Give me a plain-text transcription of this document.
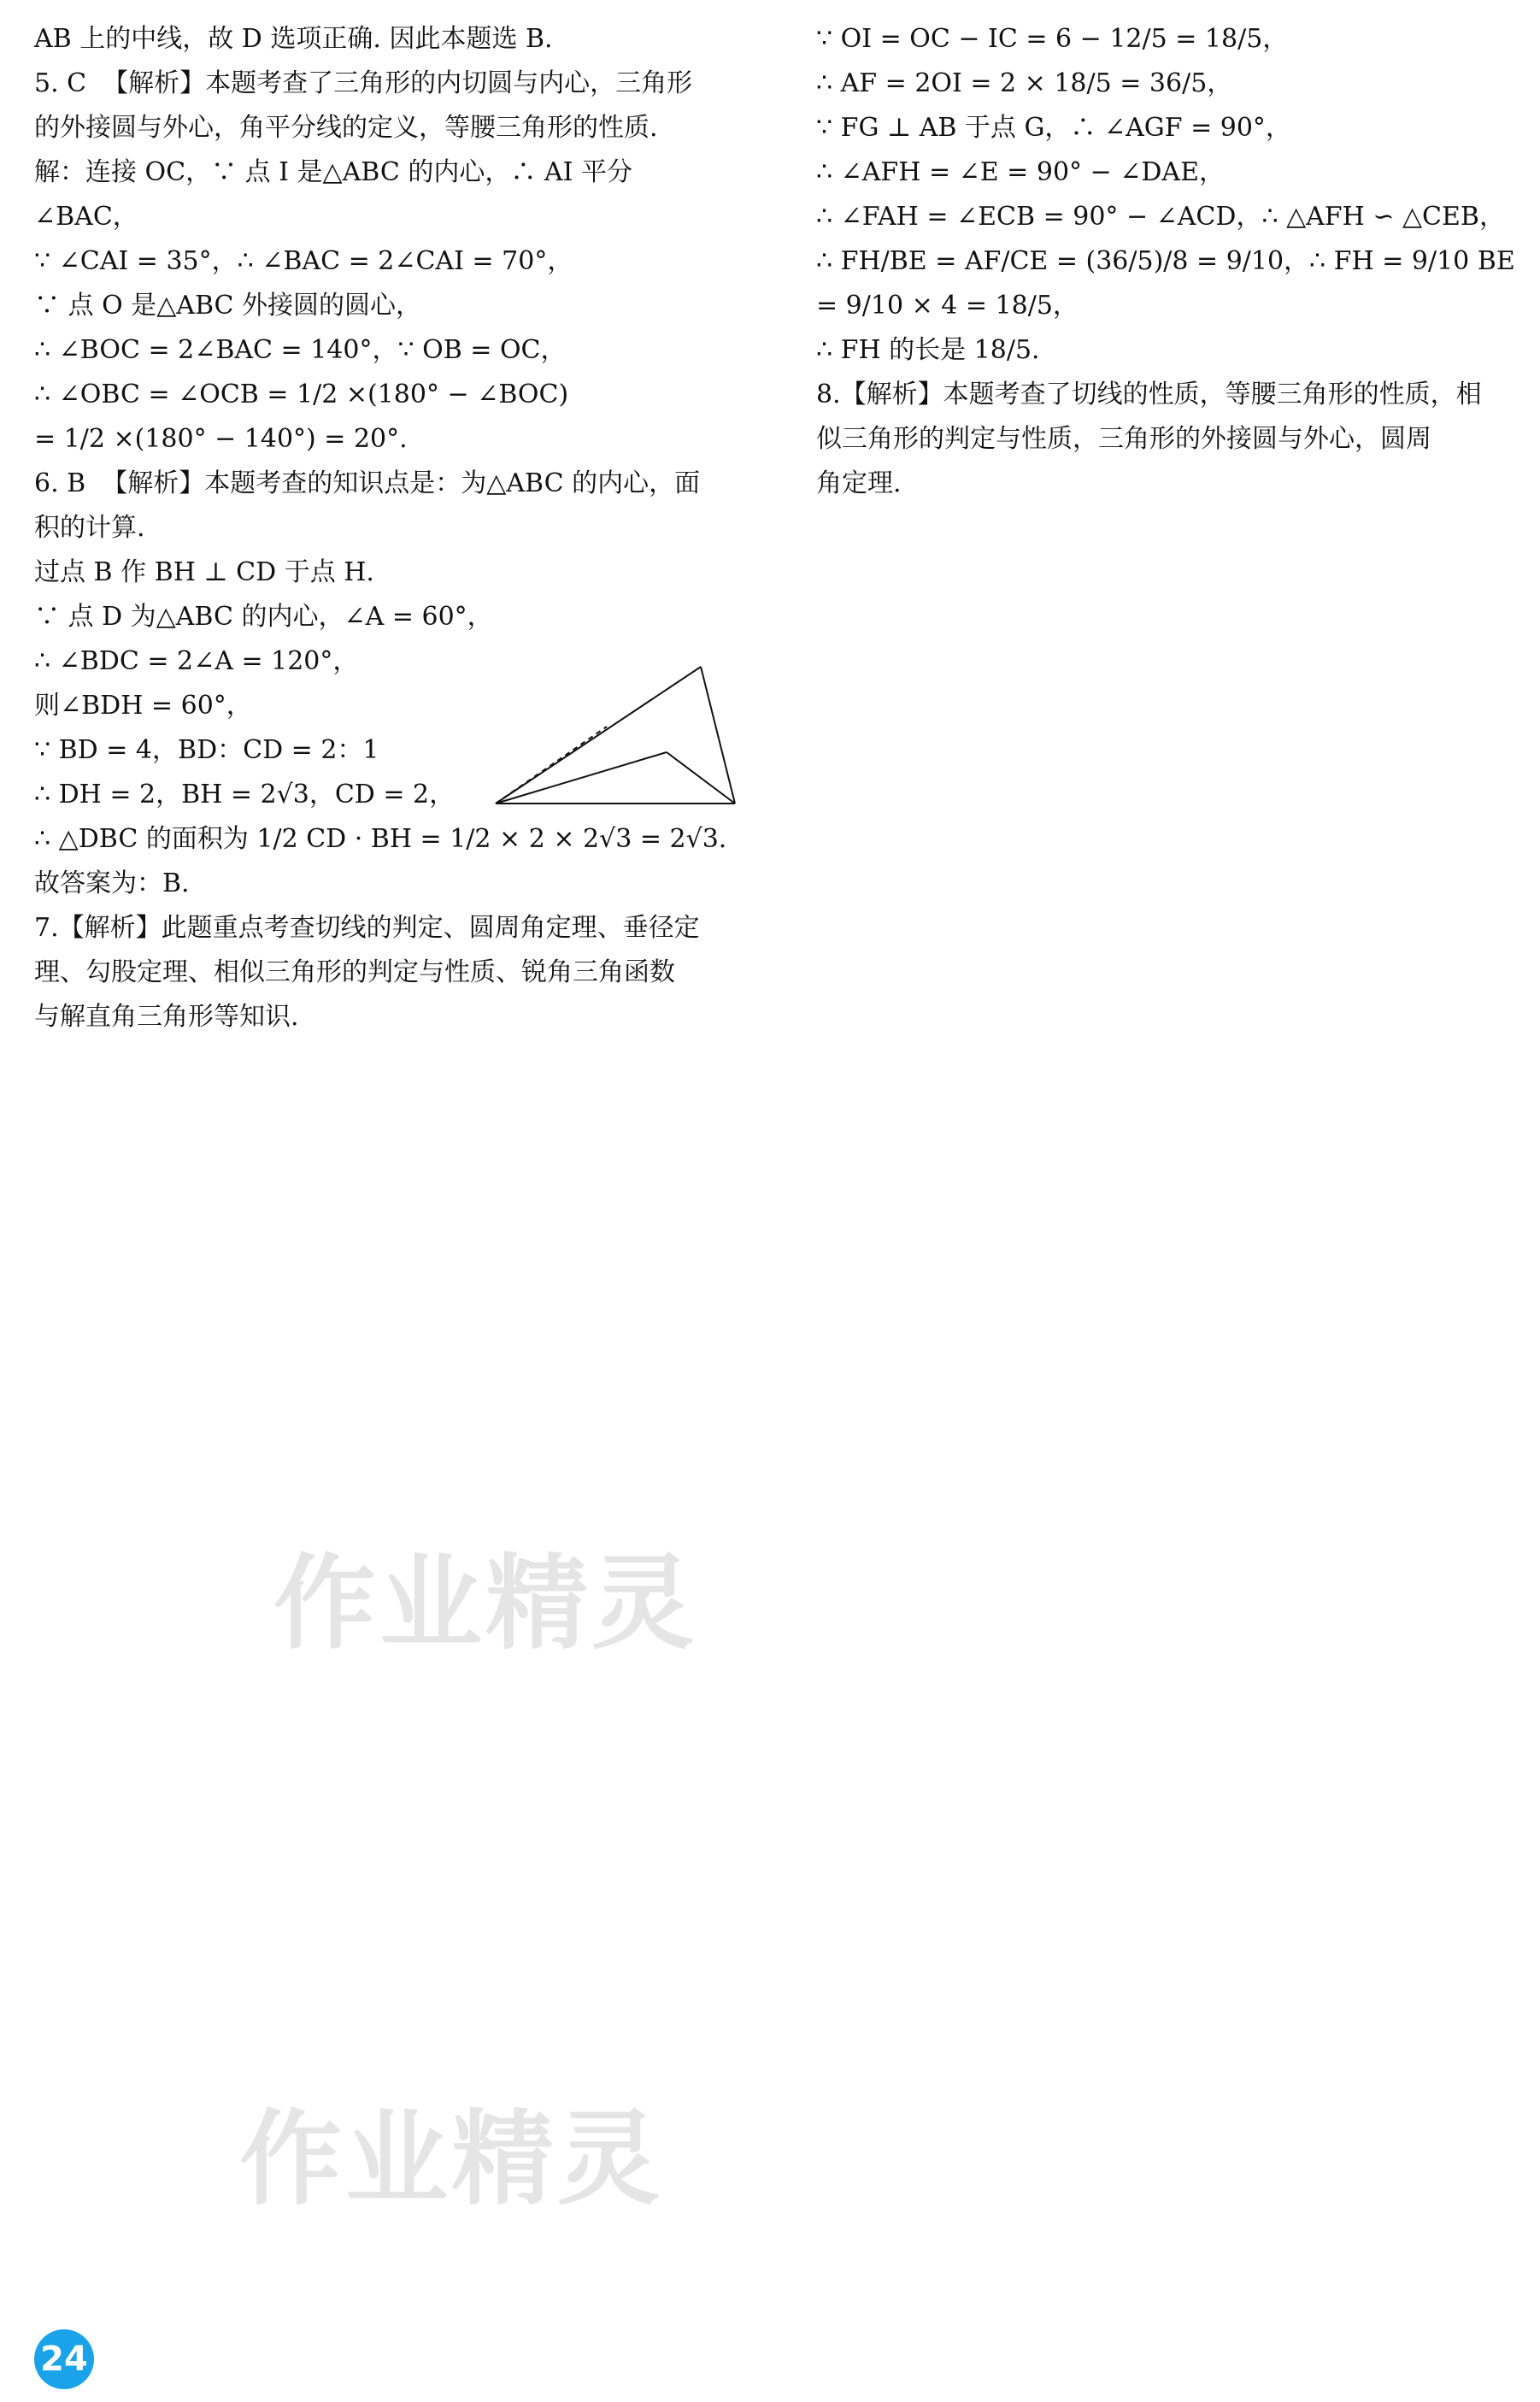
AB 上的中线，故 D 选项正确. 因此本题选 B.
5. C  【解析】本题考查了三角形的内切圆与内心，三角形
的外接圆与外心，角平分线的定义，等腰三角形的性质.
解：连接 OC，∵ 点 I 是△ABC 的内心，∴ AI 平分∠BAC，
∵ ∠CAI = 35°，∴ ∠BAC = 2∠CAI = 70°，
∵ 点 O 是△ABC 外接圆的圆心，
∴ ∠BOC = 2∠BAC = 140°，∵ OB = OC，
∴ ∠OBC = ∠OCB = 1/2 ×(180° − ∠BOC)
= 1/2 ×(180° − 140°) = 20°.
6. B  【解析】本题考查的知识点是：为△ABC 的内心，面
积的计算.
过点 B 作 BH ⊥ CD 于点 H.
∵ 点 D 为△ABC 的内心，∠A = 60°，
∴ ∠BDC = 2∠A = 120°，
则∠BDH = 60°，
∵ BD = 4，BD：CD = 2：1
∴ DH = 2，BH = 2√3，CD = 2，
∴ △DBC 的面积为 1/2 CD · BH = 1/2 × 2 × 2√3 = 2√3.
故答案为：B.
7.【解析】此题重点考查切线的判定、圆周角定理、垂径定
理、勾股定理、相似三角形的判定与性质、锐角三角函数
与解直角三角形等知识.
∵ OI = OC − IC = 6 − 12/5 = 18/5，
∴ AF = 2OI = 2 × 18/5 = 36/5，
∵ FG ⊥ AB 于点 G，∴ ∠AGF = 90°，
∴ ∠AFH = ∠E = 90° − ∠DAE，
∴ ∠FAH = ∠ECB = 90° − ∠ACD，∴ △AFH ∽ △CEB，
∴ FH/BE = AF/CE = (36/5)/8 = 9/10，∴ FH = 9/10 BE = 9/10 × 4 = 18/5，
∴ FH 的长是 18/5.
8.【解析】本题考查了切线的性质，等腰三角形的性质，相
似三角形的判定与性质，三角形的外接圆与外心，圆周
角定理.
作业精灵
作业精灵
24
